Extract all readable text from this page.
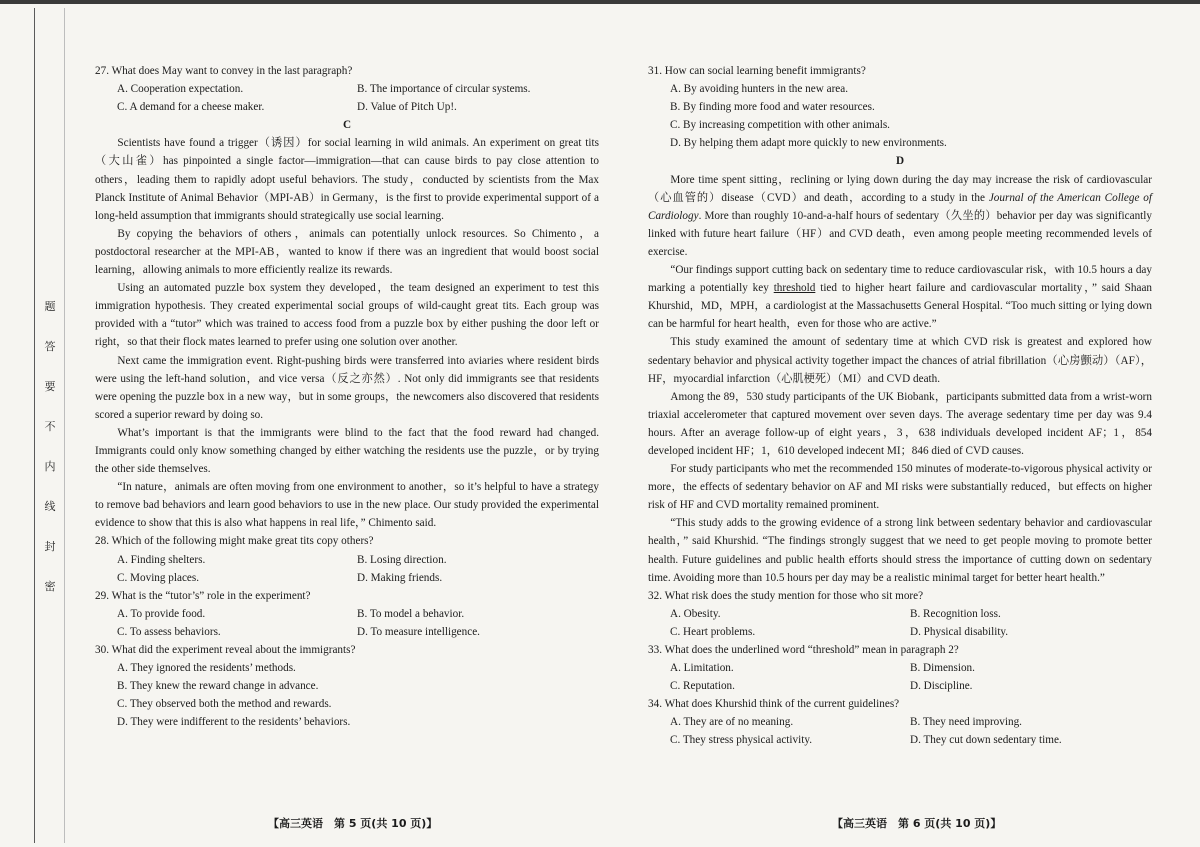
题
答
要
不
内
线
封
密

27. What does May want to convey in the last paragraph?

A. Cooperation expectation.	B. The importance of circular systems.
C. A demand for a cheese maker.	D. Value of Pitch Up!.

C

Scientists have found a trigger（诱因）for social learning in wild animals. An experiment on great tits（大山雀）has pinpointed a single factor—immigration—that can cause birds to pay close attention to others，leading them to rapidly adopt useful behaviors. The study，conducted by scientists from the Max Planck Institute of Animal Behavior（MPI-AB）in Germany，is the first to provide experimental support of a long-held assumption that immigrants should strategically use social learning.

By copying the behaviors of others，animals can potentially unlock resources. So Chimento，a postdoctoral researcher at the MPI-AB，wanted to know if there was an ingredient that would boost social learning，allowing animals to more efficiently realize its rewards.

Using an automated puzzle box system they developed，the team designed an experiment to test this immigration hypothesis. They created experimental social groups of wild-caught great tits. Each group was provided with a “tutor” which was trained to access food from a puzzle box by either pushing the door left or right，so that their flock mates learned to prefer using one solution over another.

Next came the immigration event. Right-pushing birds were transferred into aviaries where resident birds were using the left-hand solution，and vice versa（反之亦然）. Not only did immigrants see that residents were opening the puzzle box in a new way，but in some groups，the newcomers also discovered that residents scored a superior reward by doing so.

What’s important is that the immigrants were blind to the fact that the food reward had changed. Immigrants could only know something changed by either watching the residents use the puzzle，or by trying the other side themselves.

“In nature，animals are often moving from one environment to another，so it’s helpful to have a strategy to remove bad behaviors and learn good behaviors to use in the new place. Our study provided the experimental evidence to show that this is also what happens in real life，” Chimento said.

28. Which of the following might make great tits copy others?

A. Finding shelters.	B. Losing direction.
C. Moving places.	D. Making friends.

29. What is the “tutor’s” role in the experiment?

A. To provide food.	B. To model a behavior.
C. To assess behaviors.	D. To measure intelligence.

30. What did the experiment reveal about the immigrants?

A. They ignored the residents’ methods.

B. They knew the reward change in advance.

C. They observed both the method and rewards.

D. They were indifferent to the residents’ behaviors.

【高三英语　第 5 页(共 10 页)】

31. How can social learning benefit immigrants?

A. By avoiding hunters in the new area.

B. By finding more food and water resources.

C. By increasing competition with other animals.

D. By helping them adapt more quickly to new environments.

D

More time spent sitting，reclining or lying down during the day may increase the risk of cardiovascular（心血管的）disease（CVD）and death，according to a study in the Journal of the American College of Cardiology. More than roughly 10-and-a-half hours of sedentary（久坐的）behavior per day was significantly linked with future heart failure（HF）and CVD death，even among people meeting recommended levels of exercise.

“Our findings support cutting back on sedentary time to reduce cardiovascular risk，with 10.5 hours a day marking a potentially key threshold tied to higher heart failure and cardiovascular mortality，” said Shaan Khurshid，MD，MPH，a cardiologist at the Massachusetts General Hospital. “Too much sitting or lying down can be harmful for heart health，even for those who are active.”

This study examined the amount of sedentary time at which CVD risk is greatest and explored how sedentary behavior and physical activity together impact the chances of atrial fibrillation（心房颤动）（AF），HF，myocardial infarction（心肌梗死）（MI）and CVD death.

Among the 89，530 study participants of the UK Biobank，participants submitted data from a wrist-worn triaxial accelerometer that captured movement over seven days. The average sedentary time per day was 9.4 hours. After an average follow-up of eight years，3，638 individuals developed incident AF；1，854 developed incident HF；1，610 developed indecent MI；846 died of CVD causes.

For study participants who met the recommended 150 minutes of moderate-to-vigorous physical activity or more，the effects of sedentary behavior on AF and MI risks were substantially reduced，but effects on higher risk of HF and CVD mortality remained prominent.

“This study adds to the growing evidence of a strong link between sedentary behavior and cardiovascular health，” said Khurshid. “The findings strongly suggest that we need to get people moving to promote better health. Future guidelines and public health efforts should stress the importance of cutting down on sedentary time. Avoiding more than 10.5 hours per day may be a realistic minimal target for better heart health.”

32. What risk does the study mention for those who sit more?

A. Obesity.	B. Recognition loss.
C. Heart problems.	D. Physical disability.

33. What does the underlined word “threshold” mean in paragraph 2?

A. Limitation.	B. Dimension.
C. Reputation.	D. Discipline.

34. What does Khurshid think of the current guidelines?

A. They are of no meaning.	B. They need improving.
C. They stress physical activity.	D. They cut down sedentary time.
【高三英语　第 6 页(共 10 页)】
